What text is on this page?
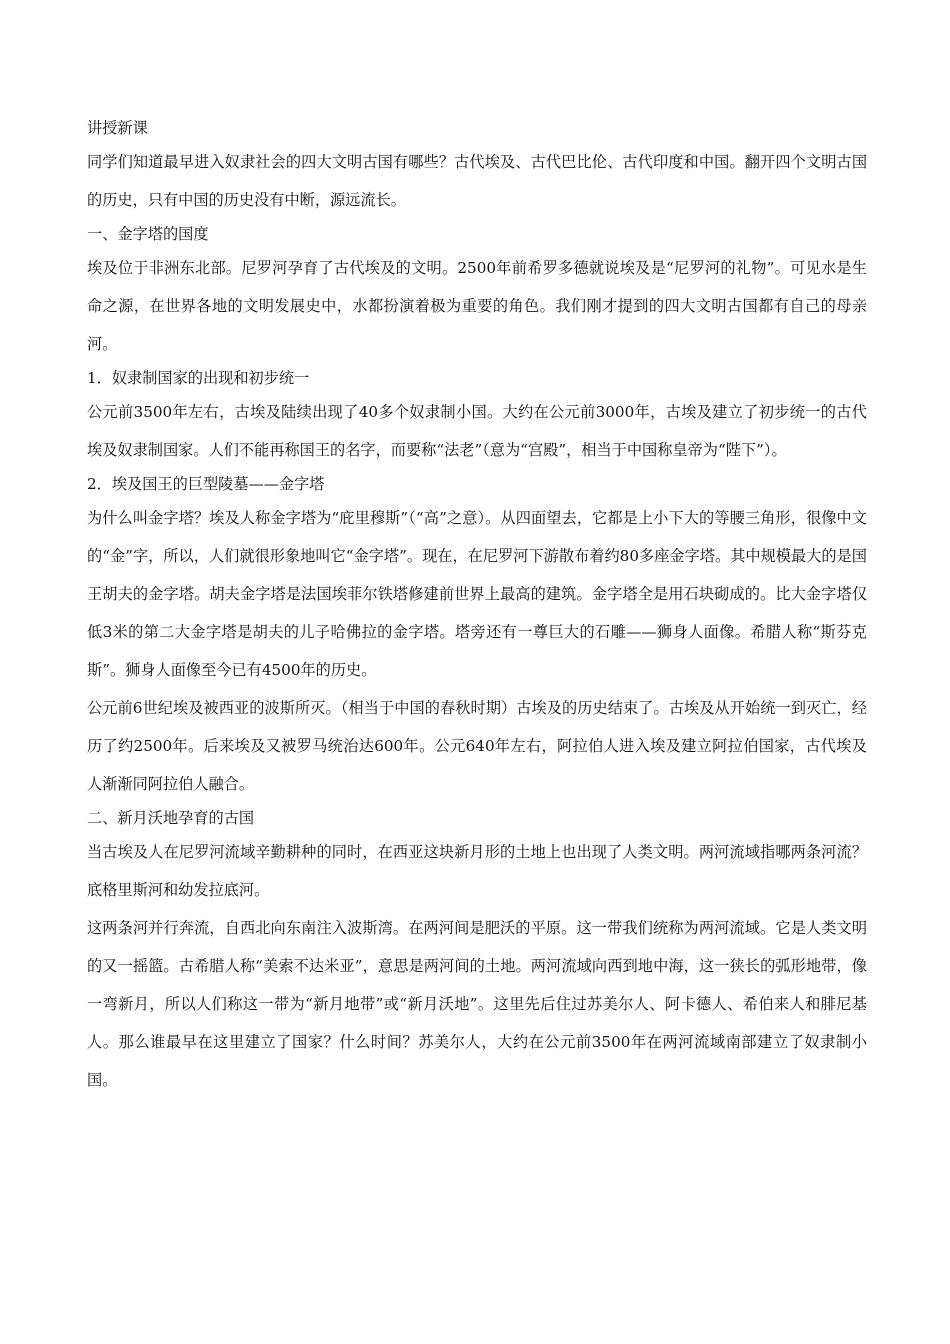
讲授新课

同学们知道最早进入奴隶社会的四大文明古国有哪些？古代埃及、古代巴比伦、古代印度和中国。翻开四个文明古国的历史，只有中国的历史没有中断，源远流长。

一、金字塔的国度

埃及位于非洲东北部。尼罗河孕育了古代埃及的文明。2500年前希罗多德就说埃及是“尼罗河的礼物”。可见水是生命之源，在世界各地的文明发展史中，水都扮演着极为重要的角色。我们刚才提到的四大文明古国都有自己的母亲河。

1．奴隶制国家的出现和初步统一

公元前3500年左右，古埃及陆续出现了40多个奴隶制小国。大约在公元前3000年，古埃及建立了初步统一的古代埃及奴隶制国家。人们不能再称国王的名字，而要称“法老”（意为“宫殿”，相当于中国称皇帝为“陛下”）。

2．埃及国王的巨型陵墓——金字塔

为什么叫金字塔？埃及人称金字塔为“庇里穆斯”（“高”之意）。从四面望去，它都是上小下大的等腰三角形，很像中文的“金”字，所以，人们就很形象地叫它“金字塔”。现在，在尼罗河下游散布着约80多座金字塔。其中规模最大的是国王胡夫的金字塔。胡夫金字塔是法国埃菲尔铁塔修建前世界上最高的建筑。金字塔全是用石块砌成的。比大金字塔仅低3米的第二大金字塔是胡夫的儿子哈佛拉的金字塔。塔旁还有一尊巨大的石雕——狮身人面像。希腊人称“斯芬克斯”。狮身人面像至今已有4500年的历史。

公元前6世纪埃及被西亚的波斯所灭。（相当于中国的春秋时期）古埃及的历史结束了。古埃及从开始统一到灭亡，经历了约2500年。后来埃及又被罗马统治达600年。公元640年左右，阿拉伯人进入埃及建立阿拉伯国家，古代埃及人渐渐同阿拉伯人融合。

二、新月沃地孕育的古国

当古埃及人在尼罗河流域辛勤耕种的同时，在西亚这块新月形的土地上也出现了人类文明。两河流域指哪两条河流？底格里斯河和幼发拉底河。

这两条河并行奔流，自西北向东南注入波斯湾。在两河间是肥沃的平原。这一带我们统称为两河流域。它是人类文明的又一摇篮。古希腊人称“美索不达米亚”，意思是两河间的土地。两河流域向西到地中海，这一狭长的弧形地带，像一弯新月，所以人们称这一带为“新月地带”或“新月沃地”。这里先后住过苏美尔人、阿卡德人、希伯来人和腓尼基人。那么谁最早在这里建立了国家？什么时间？苏美尔人，大约在公元前3500年在两河流域南部建立了奴隶制小国。
